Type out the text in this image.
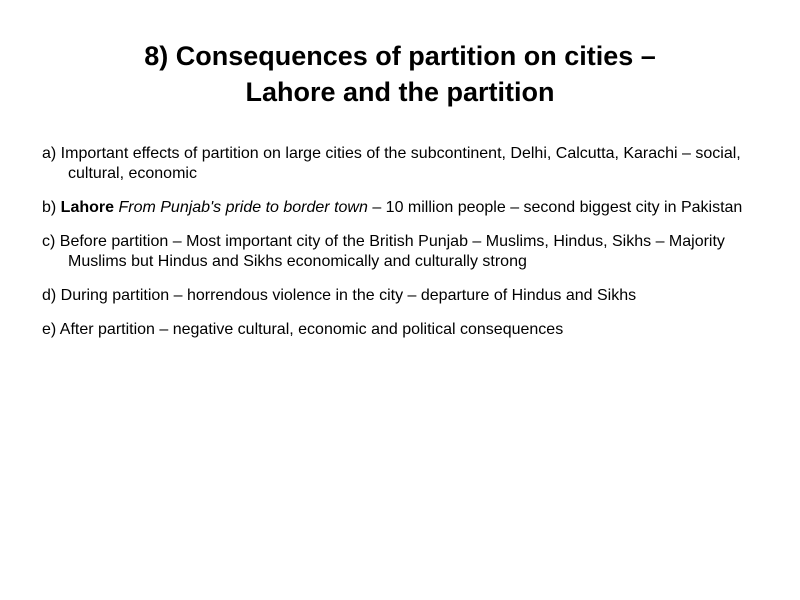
8) Consequences of partition on cities –
Lahore and the partition
a) Important effects of partition on large cities of the subcontinent, Delhi, Calcutta, Karachi – social, cultural, economic
b) Lahore From Punjab's pride to border town – 10 million people – second biggest city in Pakistan
c) Before partition – Most important city of the British Punjab – Muslims, Hindus, Sikhs – Majority Muslims but Hindus and Sikhs economically and culturally strong
d) During partition – horrendous violence in the city – departure of Hindus and Sikhs
e) After partition – negative cultural, economic and political consequences
